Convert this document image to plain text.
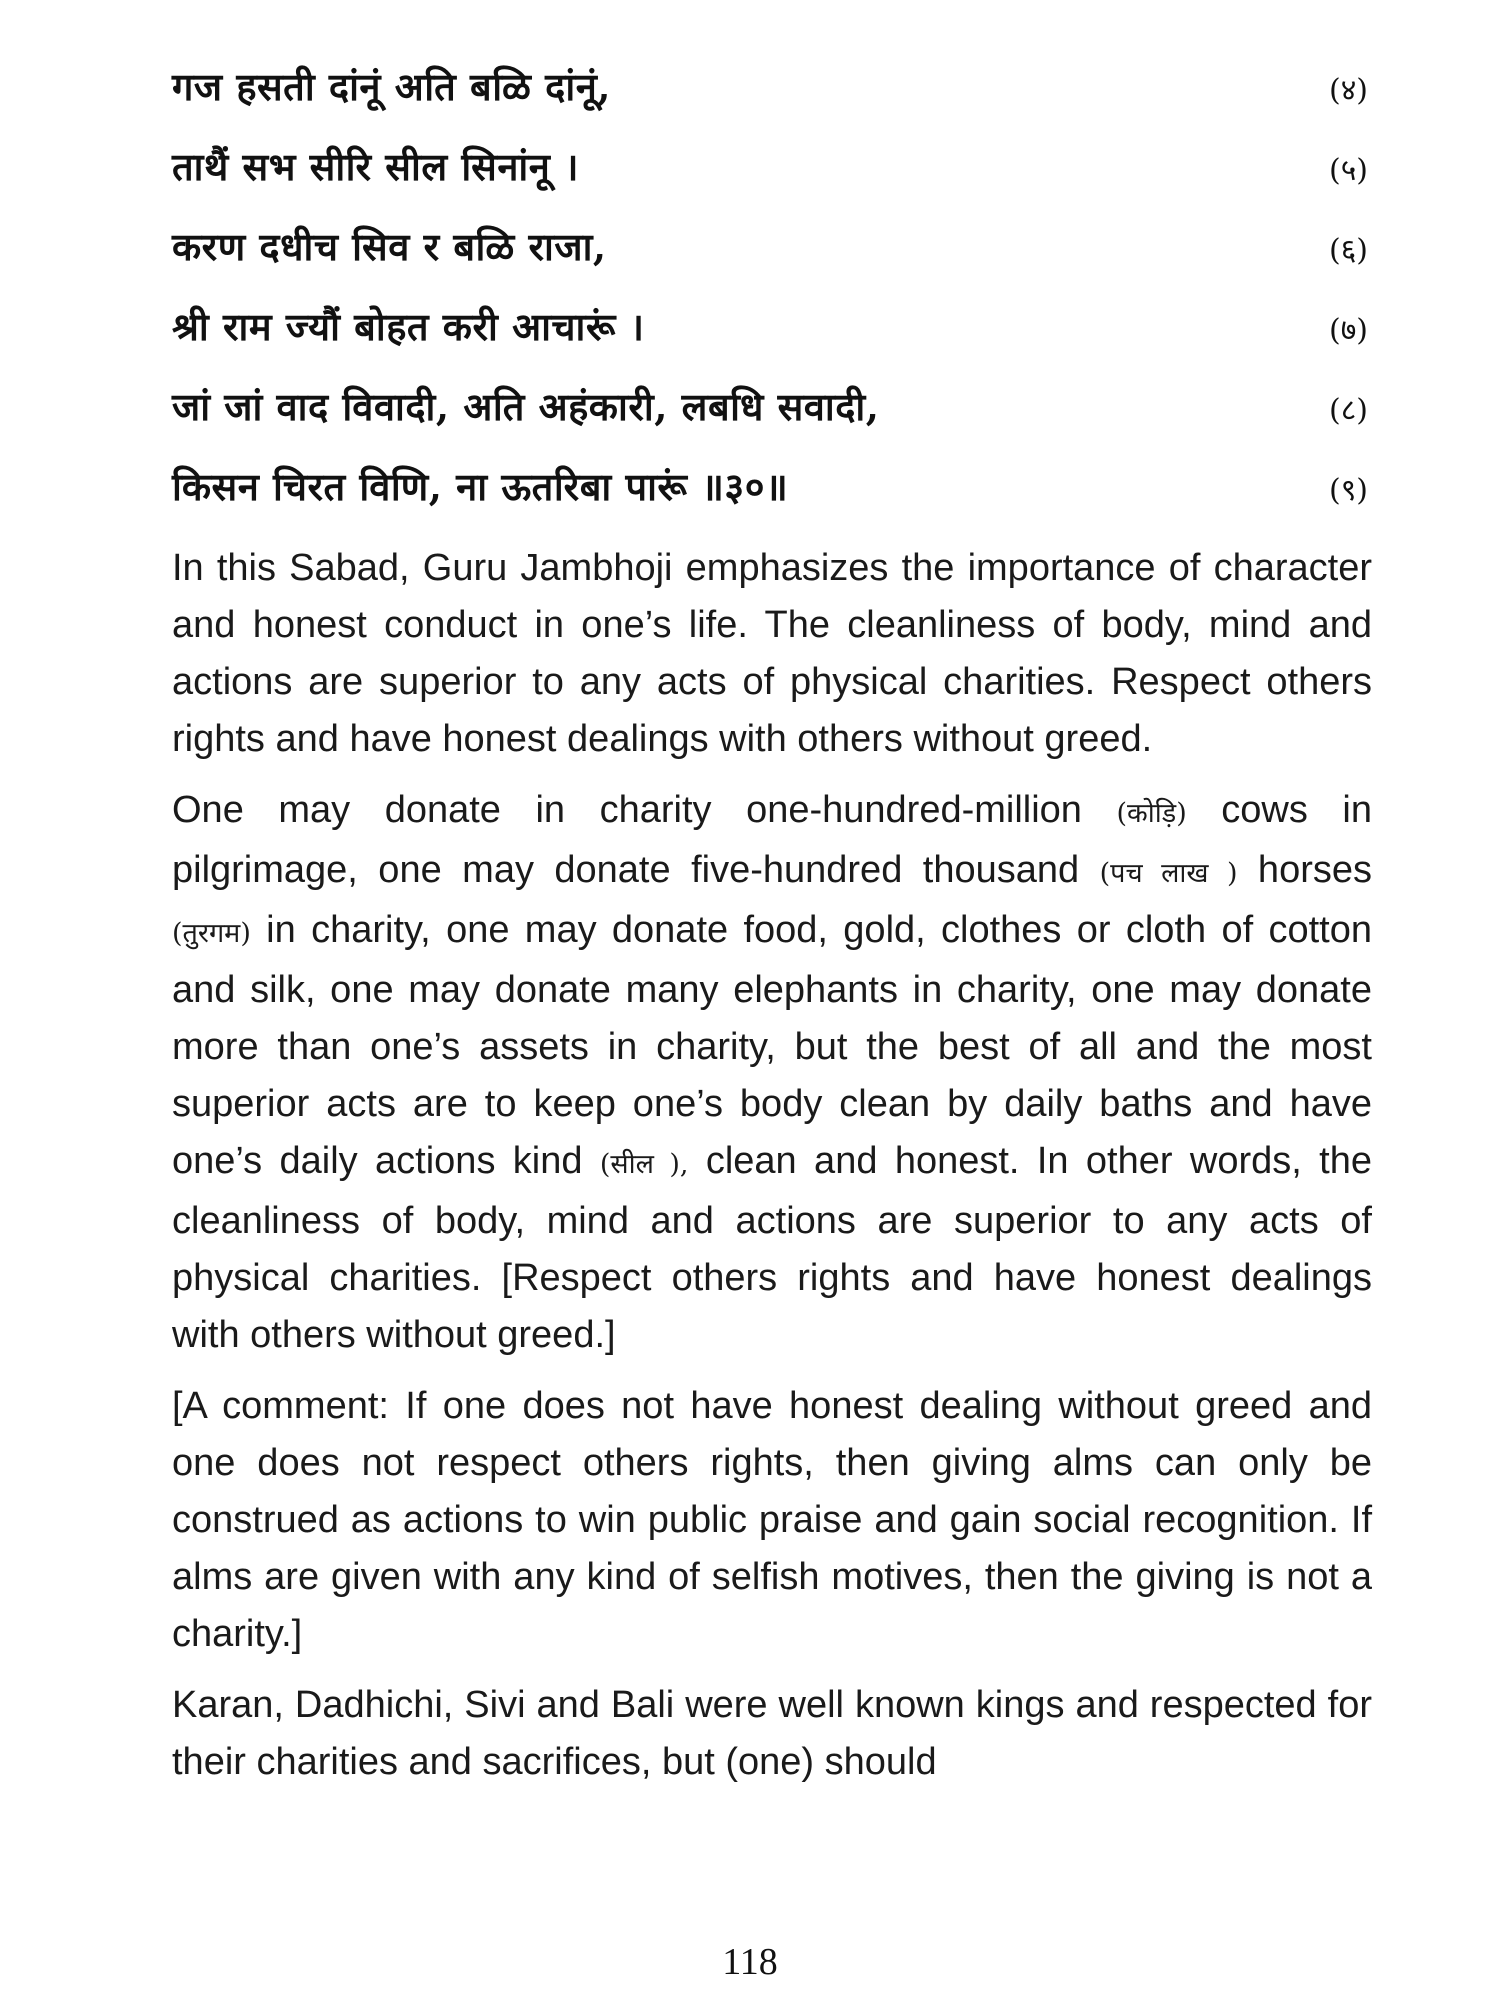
गज हसती दांनूं अति बळि दांनूं,	(४)
ताथैं सभ सीरि सील सिनांनू ।	(५)
करण दधीच सिव र बळि राजा,	(६)
श्री राम ज्यौं बोहत करी आचारूं ।	(७)
जां जां वाद विवादी, अति अहंकारी, लबधि सवादी,	(८)
किसन चिरत विणि, ना ऊतरिबा पारूं ॥३०॥	(९)

In this Sabad, Guru Jambhoji emphasizes the importance of character and honest conduct in one’s life. The cleanliness of body, mind and actions are superior to any acts of physical charities. Respect others rights and have honest dealings with others without greed.

One may donate in charity one-hundred-million (कोड़ि) cows in pilgrimage, one may donate five-hundred thousand (पच लाख ) horses (तुरगम) in charity, one may donate food, gold, clothes or cloth of cotton and silk, one may donate many elephants in charity, one may donate more than one’s assets in charity, but the best of all and the most superior acts are to keep one’s body clean by daily baths and have one’s daily actions kind (सील ), clean and honest. In other words, the cleanliness of body, mind and actions are superior to any acts of physical charities. [Respect others rights and have honest dealings with others without greed.]

[A comment: If one does not have honest dealing without greed and one does not respect others rights, then giving alms can only be construed as actions to win public praise and gain social recognition. If alms are given with any kind of selfish motives, then the giving is not a charity.]

Karan, Dadhichi, Sivi and Bali were well known kings and respected for their charities and sacrifices, but (one) should

118
